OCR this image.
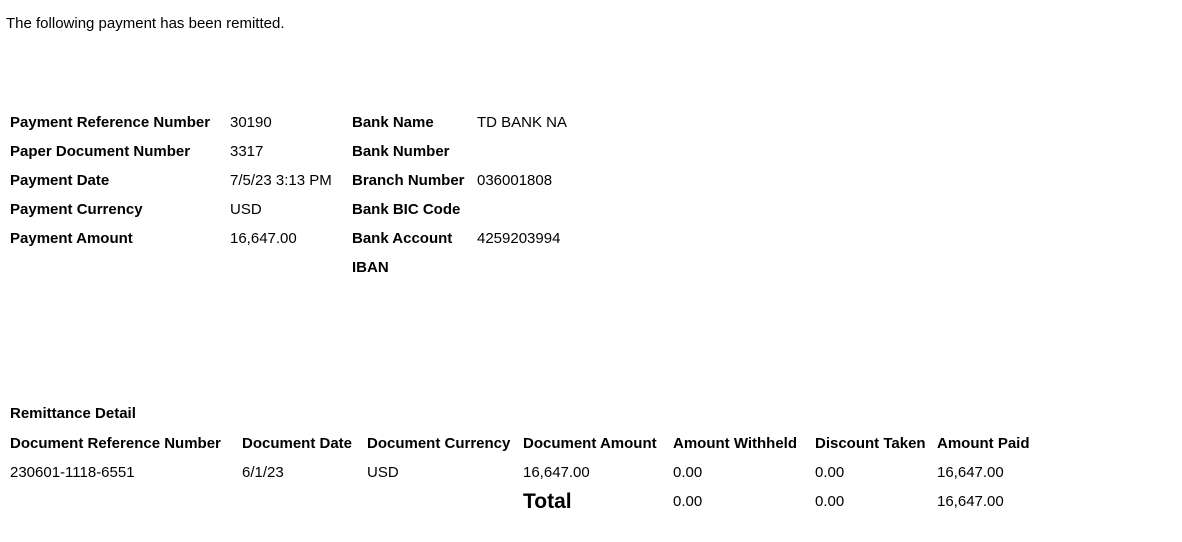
The following payment has been remitted.

Payment Reference Number	30190	Bank Name	TD BANK NA
Paper Document Number	3317	Bank Number	
Payment Date	7/5/23 3:13 PM	Branch Number	036001808
Payment Currency	USD	Bank BIC Code	
Payment Amount	16,647.00	Bank Account	4259203994
		IBAN	

Remittance Detail

Document Reference Number	Document Date	Document Currency	Document Amount	Amount Withheld	Discount Taken	Amount Paid
230601-1118-6551	6/1/23	USD	16,647.00	0.00	0.00	16,647.00
			Total	0.00	0.00	16,647.00
